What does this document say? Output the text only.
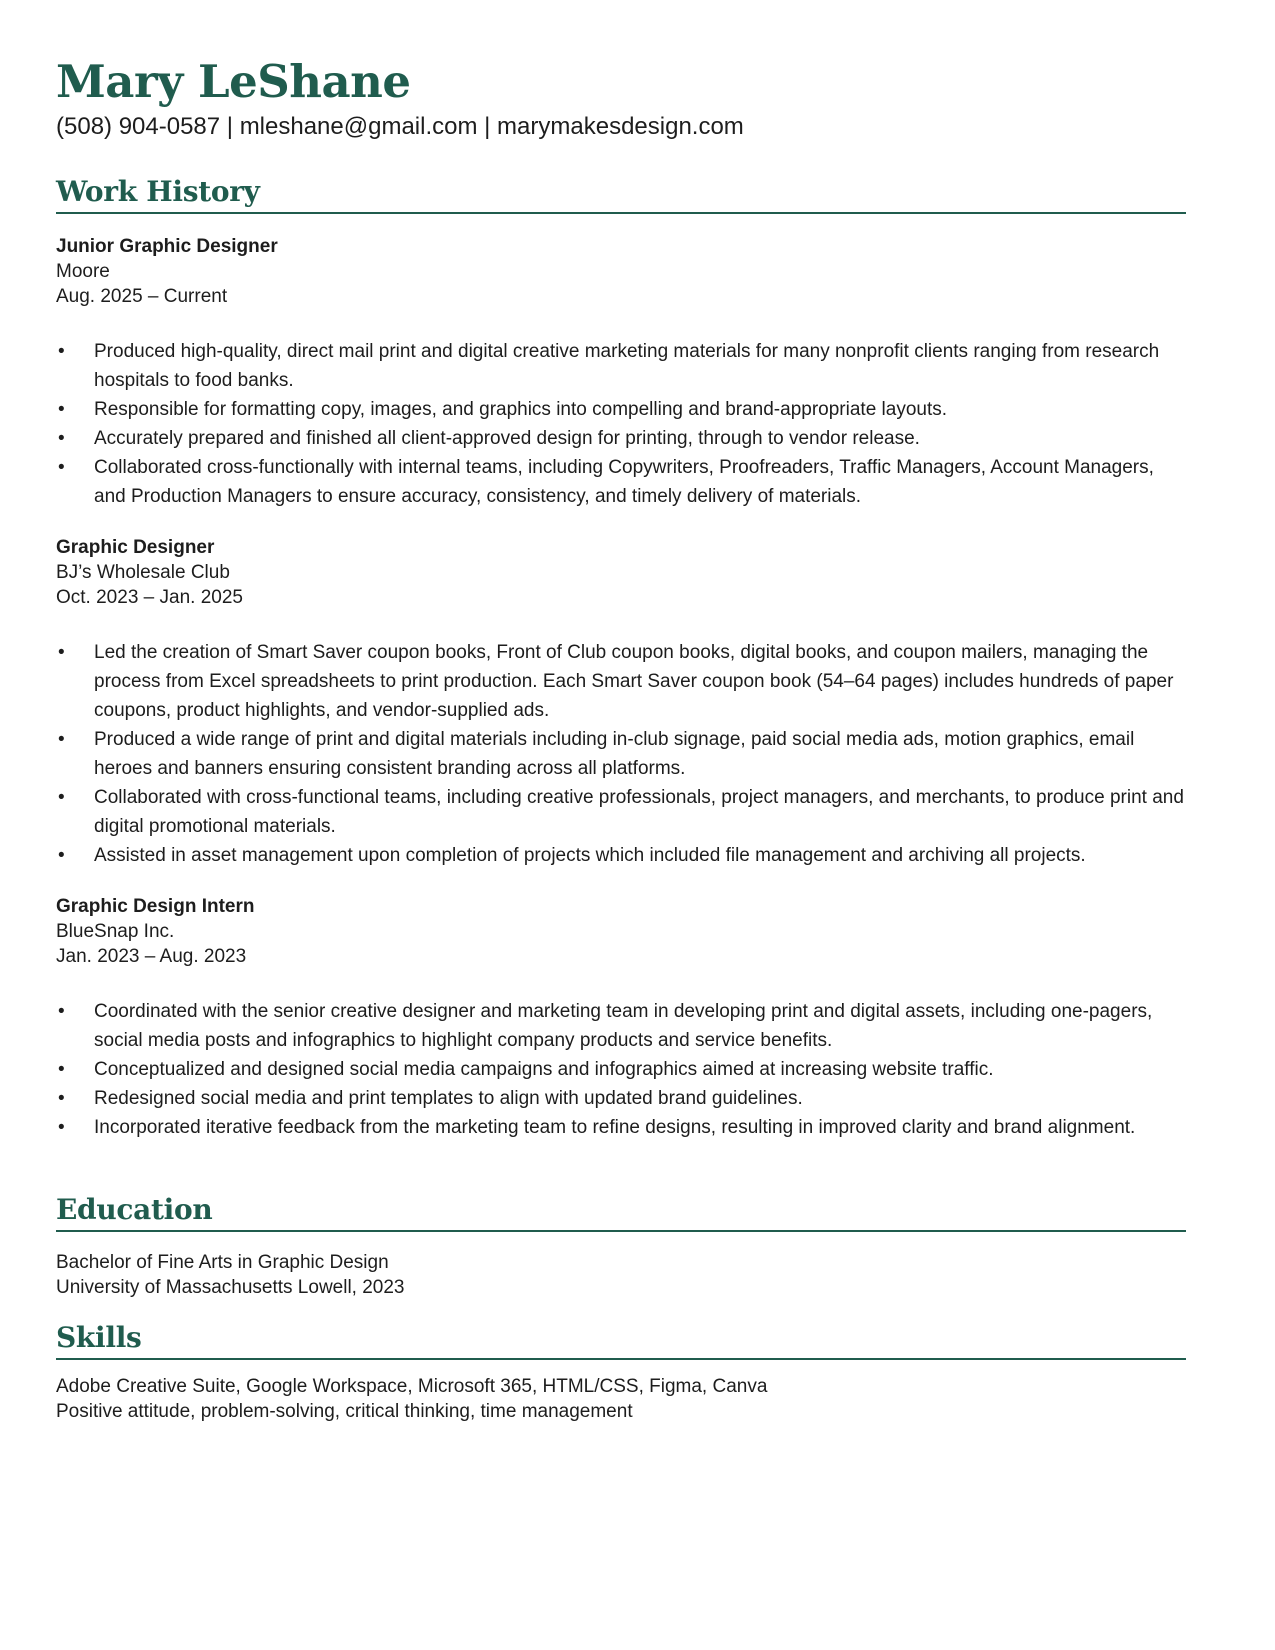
Mary LeShane
(508) 904-0587 | mleshane@gmail.com | marymakesdesign.com
Work History
Junior Graphic Designer
Moore
Aug. 2025 – Current
• Produced high-quality, direct mail print and digital creative marketing materials for many nonprofit clients ranging from research hospitals to food banks.
• Responsible for formatting copy, images, and graphics into compelling and brand-appropriate layouts.
• Accurately prepared and finished all client-approved design for printing, through to vendor release.
• Collaborated cross-functionally with internal teams, including Copywriters, Proofreaders, Traffic Managers, Account Managers, and Production Managers to ensure accuracy, consistency, and timely delivery of materials.
Graphic Designer
BJ’s Wholesale Club
Oct. 2023 – Jan. 2025
• Led the creation of Smart Saver coupon books, Front of Club coupon books, digital books, and coupon mailers, managing the process from Excel spreadsheets to print production. Each Smart Saver coupon book (54–64 pages) includes hundreds of paper coupons, product highlights, and vendor-supplied ads.
• Produced a wide range of print and digital materials including in-club signage, paid social media ads, motion graphics, email heroes and banners ensuring consistent branding across all platforms.
• Collaborated with cross-functional teams, including creative professionals, project managers, and merchants, to produce print and digital promotional materials.
• Assisted in asset management upon completion of projects which included file management and archiving all projects.
Graphic Design Intern
BlueSnap Inc.
Jan. 2023 – Aug. 2023
• Coordinated with the senior creative designer and marketing team in developing print and digital assets, including one-pagers, social media posts and infographics to highlight company products and service benefits.
• Conceptualized and designed social media campaigns and infographics aimed at increasing website traffic.
• Redesigned social media and print templates to align with updated brand guidelines.
• Incorporated iterative feedback from the marketing team to refine designs, resulting in improved clarity and brand alignment.
Education
Bachelor of Fine Arts in Graphic Design
University of Massachusetts Lowell, 2023
Skills
Adobe Creative Suite, Google Workspace, Microsoft 365, HTML/CSS, Figma, Canva
Positive attitude, problem-solving, critical thinking, time management
